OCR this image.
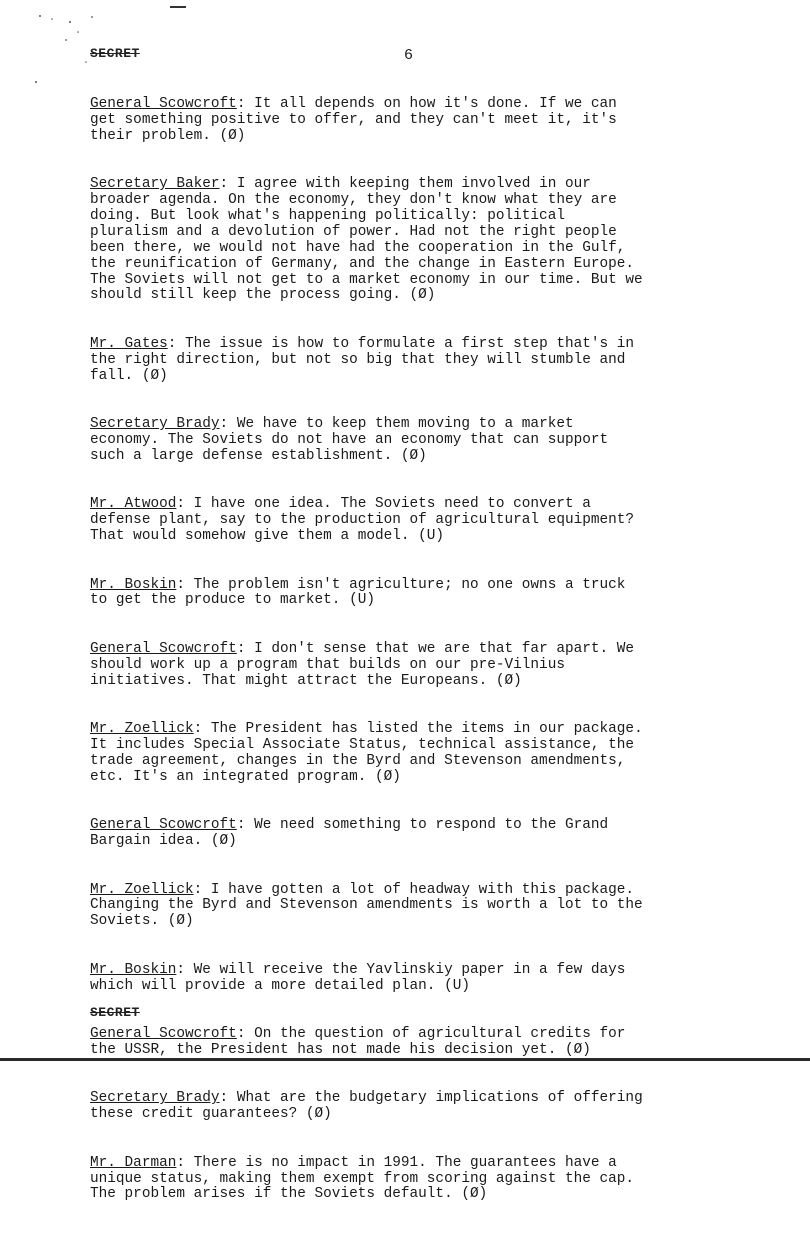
SECRET	6

General Scowcroft: It all depends on how it's done. If we can
get something positive to offer, and they can't meet it, it's
their problem. (Ø)

Secretary Baker: I agree with keeping them involved in our
broader agenda. On the economy, they don't know what they are
doing. But look what's happening politically: political
pluralism and a devolution of power. Had not the right people
been there, we would not have had the cooperation in the Gulf,
the reunification of Germany, and the change in Eastern Europe.
The Soviets will not get to a market economy in our time. But we
should still keep the process going. (Ø)

Mr. Gates: The issue is how to formulate a first step that's in
the right direction, but not so big that they will stumble and
fall. (Ø)

Secretary Brady: We have to keep them moving to a market
economy. The Soviets do not have an economy that can support
such a large defense establishment. (Ø)

Mr. Atwood: I have one idea. The Soviets need to convert a
defense plant, say to the production of agricultural equipment?
That would somehow give them a model. (U)

Mr. Boskin: The problem isn't agriculture; no one owns a truck
to get the produce to market. (U)

General Scowcroft: I don't sense that we are that far apart. We
should work up a program that builds on our pre-Vilnius
initiatives. That might attract the Europeans. (Ø)

Mr. Zoellick: The President has listed the items in our package.
It includes Special Associate Status, technical assistance, the
trade agreement, changes in the Byrd and Stevenson amendments,
etc. It's an integrated program. (Ø)

General Scowcroft: We need something to respond to the Grand
Bargain idea. (Ø)

Mr. Zoellick: I have gotten a lot of headway with this package.
Changing the Byrd and Stevenson amendments is worth a lot to the
Soviets. (Ø)

Mr. Boskin: We will receive the Yavlinskiy paper in a few days
which will provide a more detailed plan. (U)

General Scowcroft: On the question of agricultural credits for
the USSR, the President has not made his decision yet. (Ø)

Secretary Brady: What are the budgetary implications of offering
these credit guarantees? (Ø)

Mr. Darman: There is no impact in 1991. The guarantees have a
unique status, making them exempt from scoring against the cap.
The problem arises if the Soviets default. (Ø)

SECRET
